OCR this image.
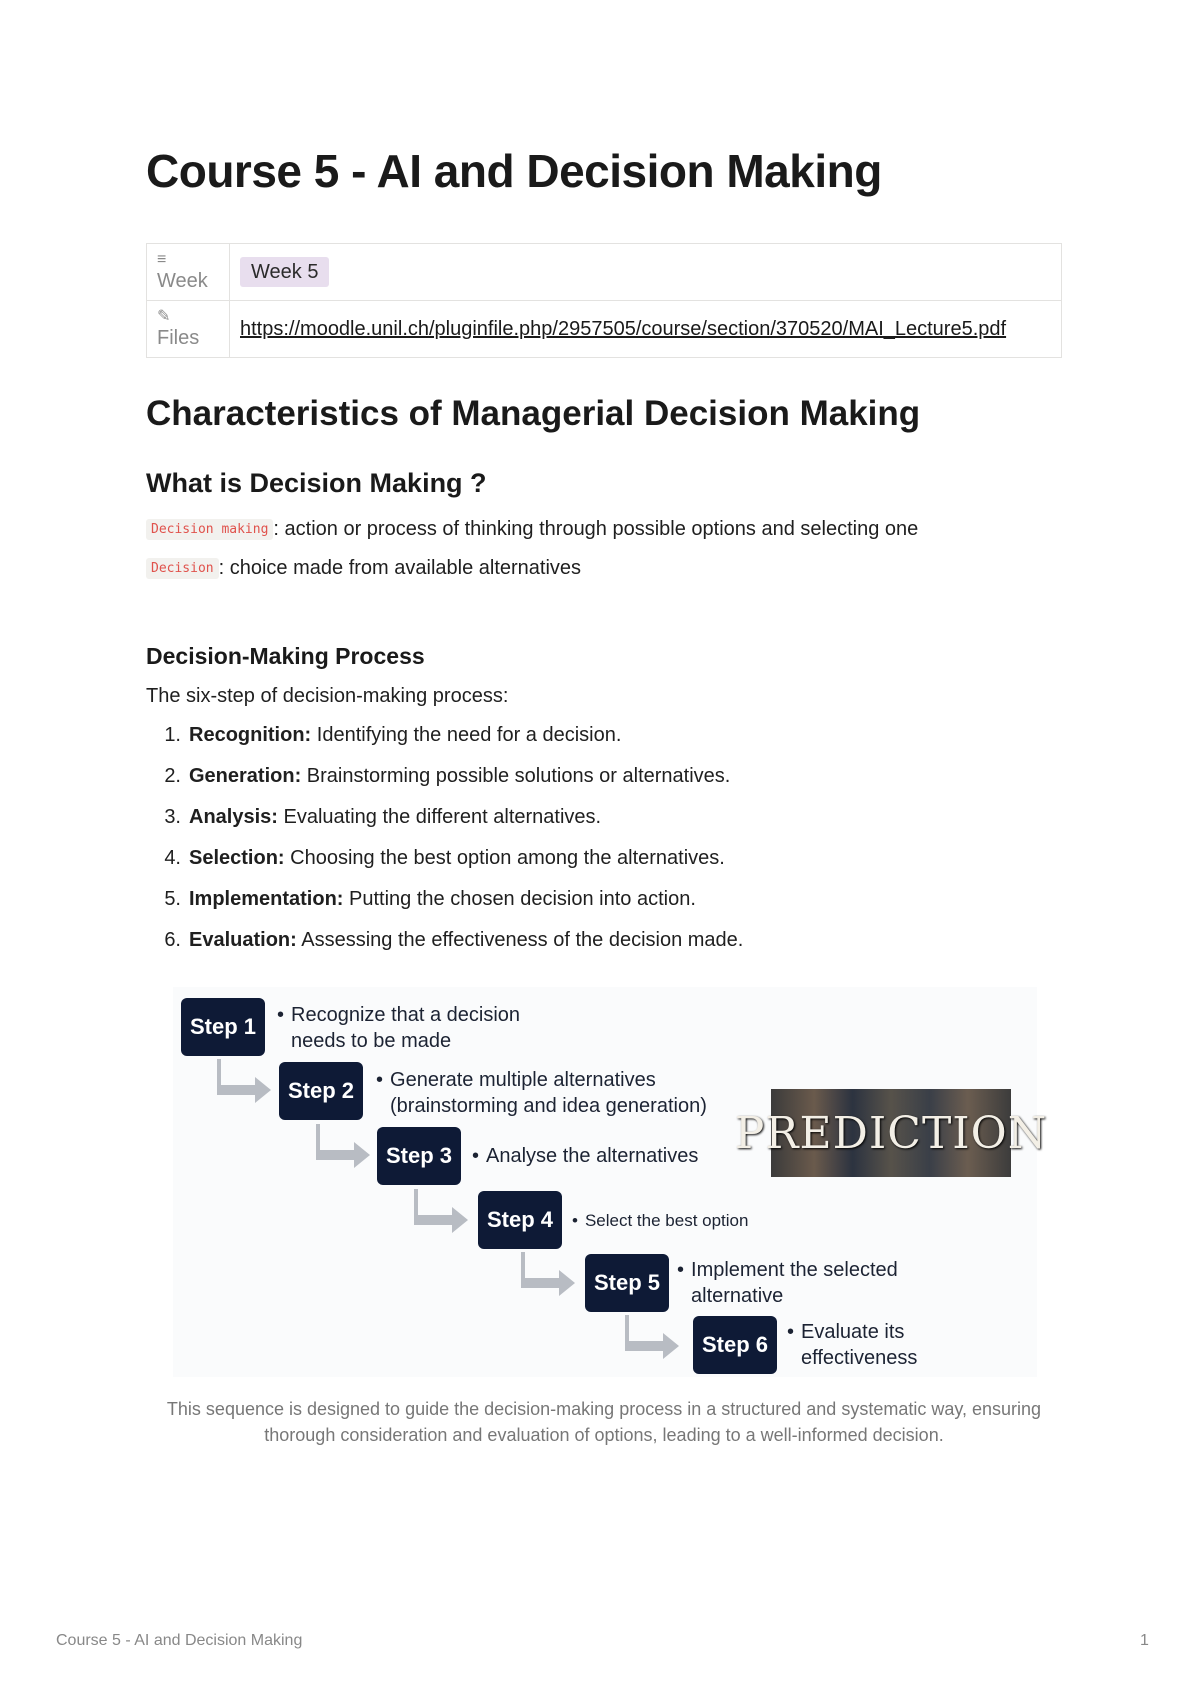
Course 5 - AI and Decision Making
≡
Week	Week 5

✎
Files	https://moodle.unil.ch/pluginfile.php/2957505/course/section/370520/MAI_Lecture5.pdf
Characteristics of Managerial Decision Making
What is Decision Making ?
Decision making : action or process of thinking through possible options and selecting one
Decision : choice made from available alternatives
Decision-Making Process
The six-step of decision-making process:
1. Recognition: Identifying the need for a decision.
2. Generation: Brainstorming possible solutions or alternatives.
3. Analysis: Evaluating the different alternatives.
4. Selection: Choosing the best option among the alternatives.
5. Implementation: Putting the chosen decision into action.
6. Evaluation: Assessing the effectiveness of the decision made.
Step 1
Step 2
Step 3
Step 4
Step 5
Step 6
• Recognize that a decision
needs to be made
• Generate multiple alternatives
(brainstorming and idea generation)
• Analyse the alternatives
• Select the best option
• Implement the selected
alternative
• Evaluate its
effectiveness
PREDICTION
This sequence is designed to guide the decision-making process in a structured and systematic way, ensuring thorough consideration and evaluation of options, leading to a well-informed decision.
Course 5 - AI and Decision Making	1
